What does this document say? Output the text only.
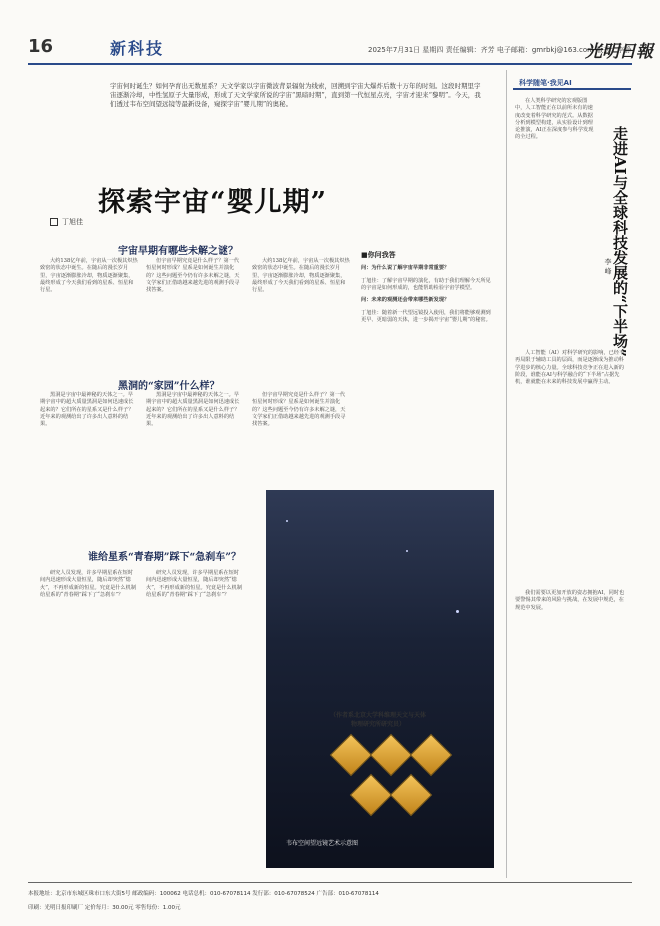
16	新科技	2025年7月31日 星期四 责任编辑：齐芳 电子邮箱：gmrbkj@163.com 版式：李静
光明日報
宇宙何时诞生？如何孕育出无数星系？天文学家以宇宙微波背景辐射为线索，回溯到宇宙大爆炸后数十万年的时刻。这段时期里宇宙逐渐冷却，中性氢原子大量形成，形成了天文学家所说的宇宙“黑暗时期”，直到第一代恒星点亮，宇宙才迎来“黎明”。今天，我们透过韦布空间望远镜等最新设备，窥探宇宙“婴儿期”的奥秘。
探索宇宙“婴儿期”
丁旭佳
宇宙早期有哪些未解之谜？

大约138亿年前，宇宙从一次极其炽热致密的状态中诞生。在随后的漫长岁月里，宇宙逐渐膨胀冷却，物质逐渐聚集，最终形成了今天我们看到的星系、恒星和行星。

但宇宙早期究竟是什么样子？第一代恒星何时形成？星系是如何诞生并演化的？这些问题至今仍有许多未解之谜，天文学家们正借助越来越先进的观测手段寻找答案。

大约138亿年前，宇宙从一次极其炽热致密的状态中诞生。在随后的漫长岁月里，宇宙逐渐膨胀冷却，物质逐渐聚集，最终形成了今天我们看到的星系、恒星和行星。

黑洞的“家园”什么样？

黑洞是宇宙中最神秘的天体之一。早期宇宙中的超大质量黑洞是如何迅速成长起来的？它们所在的星系又是什么样子？近年来的观测给出了许多出人意料的结果。

黑洞是宇宙中最神秘的天体之一。早期宇宙中的超大质量黑洞是如何迅速成长起来的？它们所在的星系又是什么样子？近年来的观测给出了许多出人意料的结果。

但宇宙早期究竟是什么样子？第一代恒星何时形成？星系是如何诞生并演化的？这些问题至今仍有许多未解之谜，天文学家们正借助越来越先进的观测手段寻找答案。

谁给星系“青春期”踩下“急刹车”？

研究人员发现，许多早期星系在短时间内迅速形成大量恒星，随后却突然“熄火”，不再形成新的恒星。究竟是什么机制给星系的“青春期”踩下了“急刹车”？

研究人员发现，许多早期星系在短时间内迅速形成大量恒星，随后却突然“熄火”，不再形成新的恒星。究竟是什么机制给星系的“青春期”踩下了“急刹车”？

■你问我答

问：为什么说了解宇宙早期非常重要？

丁旭佳：了解宇宙早期的演化，有助于我们理解今天所见的宇宙是如何形成的，也能帮助检验宇宙学模型。

问：未来的观测还会带来哪些新发现？

丁旭佳：随着新一代望远镜投入使用，我们将能够观测到更早、更暗弱的天体，进一步揭开宇宙“婴儿期”的秘密。

（作者系北京大学科维理天文与天体物理研究所研究员）
韦布空间望远镜艺术示意图
科学随笔·我见AI
走进AI与全球科技发展的“下半场”
李 峰

在人类科学研究的宏观版图中，人工智能正在以前所未有的速度改变着科学研究的范式。从数据分析到模型构建，从实验设计到理论推演，AI正在深度参与科学发现的全过程。

人工智能（AI）对科学研究的影响，已经不再局限于辅助工具的层面，而是逐渐成为推动科学进步的核心力量。全球科技竞争正在进入新的阶段，谁能在AI与科学融合的“下半场”占据先机，谁就能在未来的科技发展中赢得主动。

我们需要以更加开放的姿态拥抱AI，同时也要警惕其带来的风险与挑战，在发展中规范，在规范中发展。

本报地址：北京市东城区珠市口东大街5号 邮政编码：100062 电话总机：010-67078114 发行部：010-67078524 广告部：010-67078114
印刷：光明日报印刷厂 定价每月：30.00元 零售每份：1.00元
